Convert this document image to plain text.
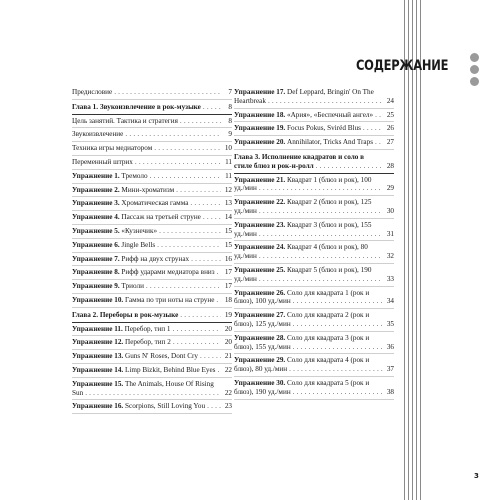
СОДЕРЖАНИЕ
Предисловие . . .	7
Глава 1. Звукоизвлечение в рок-музыке . . .	8
Цель занятий. Тактика и стратегия . . .	8
Звукоизвлечение . . .	9
Техника игры медиатором . . .	10
Переменный штрих . . .	11
Упражнение 1. Тремоло . . .	11
Упражнение 2. Мини-хроматизм . . .	12
Упражнение 3. Хроматическая гамма . . .	13
Упражнение 4. Пассаж на третьей струне . . .	14
Упражнение 5. «Кузнечик» . . .	15
Упражнение 6. Jingle Bells . . .	15
Упражнение 7. Рифф на двух струнах . . .	16
Упражнение 8. Рифф ударами медиатора вниз . . .	17
Упражнение 9. Триоли . . .	17
Упражнение 10. Гамма по три ноты на струне . . .	18
Глава 2. Переборы в рок-музыке . . .	19
Упражнение 11. Перебор, тип 1 . . .	20
Упражнение 12. Перебор, тип 2 . . .	20
Упражнение 13. Guns N' Roses, Dont Cry . . .	21
Упражнение 14. Limp Bizkit, Behind Blue Eyes . . .	22
Упражнение 15. The Animals, House Of Rising Sun . . .	22
Упражнение 16. Scorpions, Still Loving You . . .	23
Упражнение 17. Def Leppard, Bringin' On The Heartbreak . . .	24
Упражнение 18. «Ария», «Беспечный ангел» . . .	25
Упражнение 19. Focus Pokus, Sviréd Blus . . .	26
Упражнение 20. Annihilator, Tricks And Traps . . .	27
Глава 3. Исполнение квадратов и соло в стиле блюз и рок-н-ролл . . .	28
Упражнение 21. Квадрат 1 (блюз и рок), 100 уд./мин . . .	29
Упражнение 22. Квадрат 2 (блюз и рок), 125 уд./мин . . .	30
Упражнение 23. Квадрат 3 (блюз и рок), 155 уд./мин . . .	31
Упражнение 24. Квадрат 4 (блюз и рок), 80 уд./мин . . .	32
Упражнение 25. Квадрат 5 (блюз и рок), 190 уд./мин . . .	33
Упражнение 26. Соло для квадрата 1 (рок и блюз), 100 уд./мин . . .	34
Упражнение 27. Соло для квадрата 2 (рок и блюз), 125 уд./мин . . .	35
Упражнение 28. Соло для квадрата 3 (рок и блюз), 155 уд./мин . . .	36
Упражнение 29. Соло для квадрата 4 (рок и блюз), 80 уд./мин . . .	37
Упражнение 30. Соло для квадрата 5 (рок и блюз), 190 уд./мин . . .	38
3
